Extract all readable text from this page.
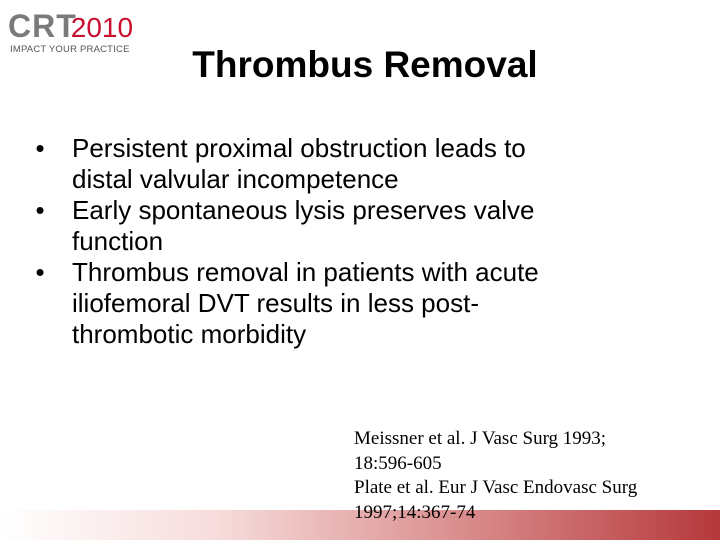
CRT2010
IMPACT YOUR PRACTICE	Thrombus Removal
• Persistent proximal obstruction leads to
distal valvular incompetence
• Early spontaneous lysis preserves valve
function
• Thrombus removal in patients with acute
iliofemoral DVT results in less post-
thrombotic morbidity
Meissner et al. J Vasc Surg 1993;
18:596-605
Plate et al. Eur J Vasc Endovasc Surg
1997;14:367-74
